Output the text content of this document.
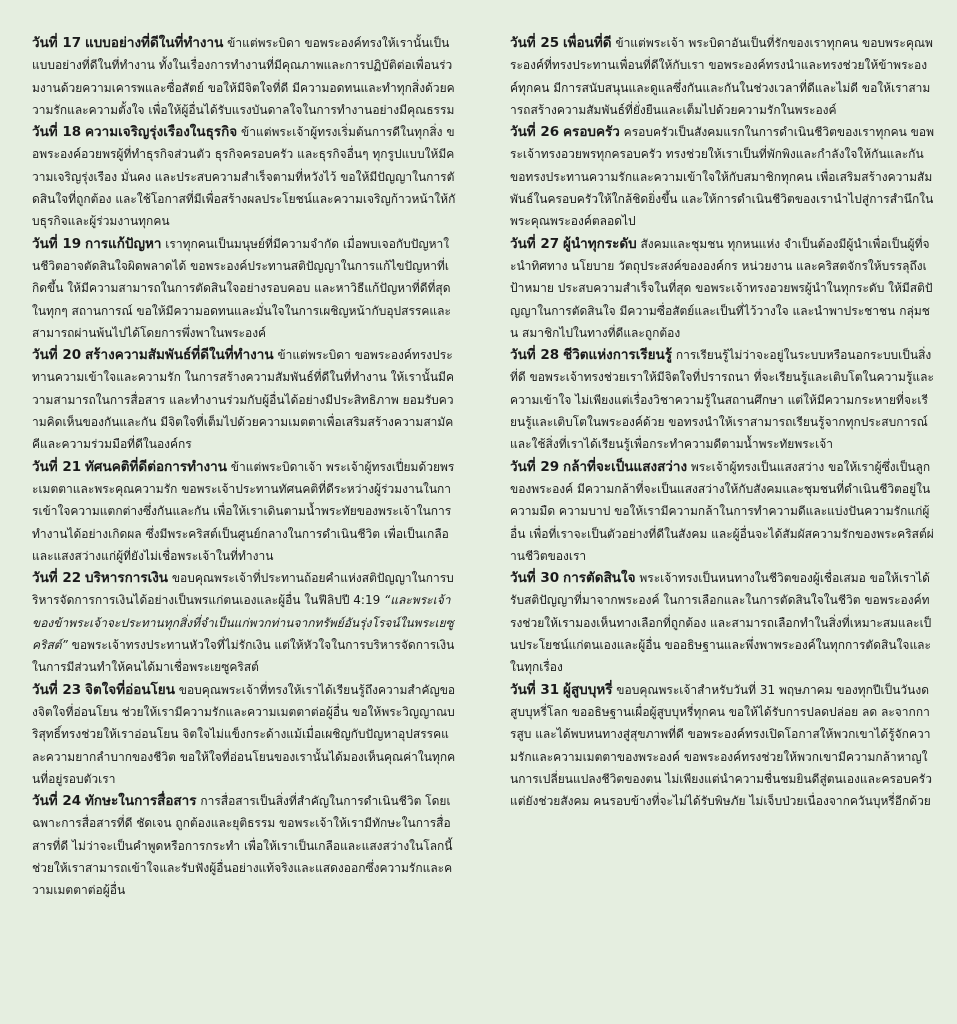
วันที่ 17 แบบอย่างที่ดีในที่ทำงาน ข้าแต่พระบิดา ขอพระองค์ทรงให้เรานั้นเป็นแบบอย่างที่ดีในที่ทำงาน ทั้งในเรื่องการทำงานที่มีคุณภาพและการปฏิบัติต่อเพื่อนร่วมงานด้วยความเคารพและซื่อสัตย์ ขอให้มีจิตใจที่ดี มีความอดทนและทำทุกสิ่งด้วยความรักและความตั้งใจ เพื่อให้ผู้อื่นได้รับแรงบันดาลใจในการทำงานอย่างมีคุณธรรม

วันที่ 18 ความเจริญรุ่งเรืองในธุรกิจ ข้าแต่พระเจ้าผู้ทรงเริ่มต้นการดีในทุกสิ่ง ขอพระองค์อวยพรผู้ที่ทำธุรกิจส่วนตัว ธุรกิจครอบครัว และธุรกิจอื่นๆ ทุกรูปแบบให้มีความเจริญรุ่งเรือง มั่นคง และประสบความสำเร็จตามที่หวังไว้ ขอให้มีปัญญาในการตัดสินใจที่ถูกต้อง และใช้โอกาสที่มีเพื่อสร้างผลประโยชน์และความเจริญก้าวหน้าให้กับธุรกิจและผู้ร่วมงานทุกคน

วันที่ 19 การแก้ปัญหา เราทุกคนเป็นมนุษย์ที่มีความจำกัด เมื่อพบเจอกับปัญหาในชีวิตอาจตัดสินใจผิดพลาดได้ ขอพระองค์ประทานสติปัญญาในการแก้ไขปัญหาที่เกิดขึ้น ให้มีความสามารถในการตัดสินใจอย่างรอบคอบ และหาวิธีแก้ปัญหาที่ดีที่สุดในทุกๆ สถานการณ์ ขอให้มีความอดทนและมั่นใจในการเผชิญหน้ากับอุปสรรคและสามารถผ่านพ้นไปได้โดยการพึ่งพาในพระองค์

วันที่ 20 สร้างความสัมพันธ์ที่ดีในที่ทำงาน ข้าแต่พระบิดา ขอพระองค์ทรงประทานความเข้าใจและความรัก ในการสร้างความสัมพันธ์ที่ดีในที่ทำงาน ให้เรานั้นมีความสามารถในการสื่อสาร และทำงานร่วมกับผู้อื่นได้อย่างมีประสิทธิภาพ ยอมรับความคิดเห็นของกันและกัน มีจิตใจที่เต็มไปด้วยความเมตตาเพื่อเสริมสร้างความสามัคคีและความร่วมมือที่ดีในองค์กร

วันที่ 21 ทัศนคติที่ดีต่อการทำงาน ข้าแต่พระบิดาเจ้า พระเจ้าผู้ทรงเปี่ยมด้วยพระเมตตาและพระคุณความรัก ขอพระเจ้าประทานทัศนคติที่ดีระหว่างผู้ร่วมงานในการเข้าใจความแตกต่างซึ่งกันและกัน เพื่อให้เราเดินตามน้ำพระทัยของพระเจ้าในการทำงานได้อย่างเกิดผล ซึ่งมีพระคริสต์เป็นศูนย์กลางในการดำเนินชีวิต เพื่อเป็นเกลือและแสงสว่างแก่ผู้ที่ยังไม่เชื่อพระเจ้าในที่ทำงาน

วันที่ 22 บริหารการเงิน ขอบคุณพระเจ้าที่ประทานถ้อยคำแห่งสติปัญญาในการบริหารจัดการการเงินได้อย่างเป็นพรแก่ตนเองและผู้อื่น ในฟีลิปปี 4:19 “และพระเจ้าของข้าพระเจ้าจะประทานทุกสิ่งที่จำเป็นแก่พวกท่านจากทรัพย์อันรุ่งโรจน์ในพระเยซูคริสต์” ขอพระเจ้าทรงประทานหัวใจที่ไม่รักเงิน แต่ให้หัวใจในการบริหารจัดการเงิน ในการมีส่วนทำให้คนได้มาเชื่อพระเยซูคริสต์

วันที่ 23 จิตใจที่อ่อนโยน ขอบคุณพระเจ้าที่ทรงให้เราได้เรียนรู้ถึงความสำคัญของจิตใจที่อ่อนโยน ช่วยให้เรามีความรักและความเมตตาต่อผู้อื่น ขอให้พระวิญญาณบริสุทธิ์ทรงช่วยให้เราอ่อนโยน จิตใจไม่แข็งกระด้างแม้เมื่อเผชิญกับปัญหาอุปสรรคและความยากลำบากของชีวิต ขอให้ใจที่อ่อนโยนของเรานั้นได้มองเห็นคุณค่าในทุกคนที่อยู่รอบตัวเรา

วันที่ 24 ทักษะในการสื่อสาร การสื่อสารเป็นสิ่งที่สำคัญในการดำเนินชีวิต โดยเฉพาะการสื่อสารที่ดี ชัดเจน ถูกต้องและยุติธรรม ขอพระเจ้าให้เรามีทักษะในการสื่อสารที่ดี ไม่ว่าจะเป็นคำพูดหรือการกระทำ เพื่อให้เราเป็นเกลือและแสงสว่างในโลกนี้ ช่วยให้เราสามารถเข้าใจและรับฟังผู้อื่นอย่างแท้จริงและแสดงออกซึ่งความรักและความเมตตาต่อผู้อื่น

วันที่ 25 เพื่อนที่ดี ข้าแต่พระเจ้า พระบิดาอันเป็นที่รักของเราทุกคน ขอบพระคุณพระองค์ที่ทรงประทานเพื่อนที่ดีให้กับเรา ขอพระองค์ทรงนำและทรงช่วยให้ข้าพระองค์ทุกคน มีการสนับสนุนและดูแลซึ่งกันและกันในช่วงเวลาที่ดีและไม่ดี ขอให้เราสามารถสร้างความสัมพันธ์ที่ยั่งยืนและเต็มไปด้วยความรักในพระองค์

วันที่ 26 ครอบครัว ครอบครัวเป็นสังคมแรกในการดำเนินชีวิตของเราทุกคน ขอพระเจ้าทรงอวยพรทุกครอบครัว ทรงช่วยให้เราเป็นที่พักพิงและกำลังใจให้กันและกัน ขอทรงประทานความรักและความเข้าใจให้กับสมาชิกทุกคน เพื่อเสริมสร้างความสัมพันธ์ในครอบครัวให้ใกล้ชิดยิ่งขึ้น และให้การดำเนินชีวิตของเรานำไปสู่การสำนึกในพระคุณพระองค์ตลอดไป

วันที่ 27 ผู้นำทุกระดับ สังคมและชุมชน ทุกหนแห่ง จำเป็นต้องมีผู้นำเพื่อเป็นผู้ที่จะนำทิศทาง นโยบาย วัตถุประสงค์ขององค์กร หน่วยงาน และคริสตจักรให้บรรลุถึงเป้าหมาย ประสบความสำเร็จในที่สุด ขอพระเจ้าทรงอวยพรผู้นำในทุกระดับ ให้มีสติปัญญาในการตัดสินใจ มีความซื่อสัตย์และเป็นที่ไว้วางใจ และนำพาประชาชน กลุ่มชน สมาชิกไปในทางที่ดีและถูกต้อง

วันที่ 28 ชีวิตแห่งการเรียนรู้ การเรียนรู้ไม่ว่าจะอยู่ในระบบหรือนอกระบบเป็นสิ่งที่ดี ขอพระเจ้าทรงช่วยเราให้มีจิตใจที่ปรารถนา ที่จะเรียนรู้และเติบโตในความรู้และความเข้าใจ ไม่เพียงแต่เรื่องวิชาความรู้ในสถานศึกษา แต่ให้มีความกระหายที่จะเรียนรู้และเติบโตในพระองค์ด้วย ขอทรงนำให้เราสามารถเรียนรู้จากทุกประสบการณ์ และใช้สิ่งที่เราได้เรียนรู้เพื่อกระทำความดีตามน้ำพระทัยพระเจ้า

วันที่ 29 กล้าที่จะเป็นแสงสว่าง พระเจ้าผู้ทรงเป็นแสงสว่าง ขอให้เราผู้ซึ่งเป็นลูกของพระองค์ มีความกล้าที่จะเป็นแสงสว่างให้กับสังคมและชุมชนที่ดำเนินชีวิตอยู่ในความมืด ความบาป ขอให้เรามีความกล้าในการทำความดีและแบ่งปันความรักแก่ผู้อื่น เพื่อที่เราจะเป็นตัวอย่างที่ดีในสังคม และผู้อื่นจะได้สัมผัสความรักของพระคริสต์ผ่านชีวิตของเรา

วันที่ 30 การตัดสินใจ พระเจ้าทรงเป็นหนทางในชีวิตของผู้เชื่อเสมอ ขอให้เราได้รับสติปัญญาที่มาจากพระองค์ ในการเลือกและในการตัดสินใจในชีวิต ขอพระองค์ทรงช่วยให้เรามองเห็นทางเลือกที่ถูกต้อง และสามารถเลือกทำในสิ่งที่เหมาะสมและเป็นประโยชน์แก่ตนเองและผู้อื่น ขออธิษฐานและพึ่งพาพระองค์ในทุกการตัดสินใจและในทุกเรื่อง

วันที่ 31 ผู้สูบบุหรี่ ขอบคุณพระเจ้าสำหรับวันที่ 31 พฤษภาคม ของทุกปีเป็นวันงดสูบบุหรี่โลก ขออธิษฐานเผื่อผู้สูบบุหรี่ทุกคน ขอให้ได้รับการปลดปล่อย ลด ละจากการสูบ และได้พบหนทางสู่สุขภาพที่ดี ขอพระองค์ทรงเปิดโอกาสให้พวกเขาได้รู้จักความรักและความเมตตาของพระองค์ ขอพระองค์ทรงช่วยให้พวกเขามีความกล้าหาญในการเปลี่ยนแปลงชีวิตของตน ไม่เพียงแต่นำความชื่นชมยินดีสู่ตนเองและครอบครัว แต่ยังช่วยสังคม คนรอบข้างที่จะไม่ได้รับพิษภัย ไม่เจ็บป่วยเนื่องจากควันบุหรี่อีกด้วย
